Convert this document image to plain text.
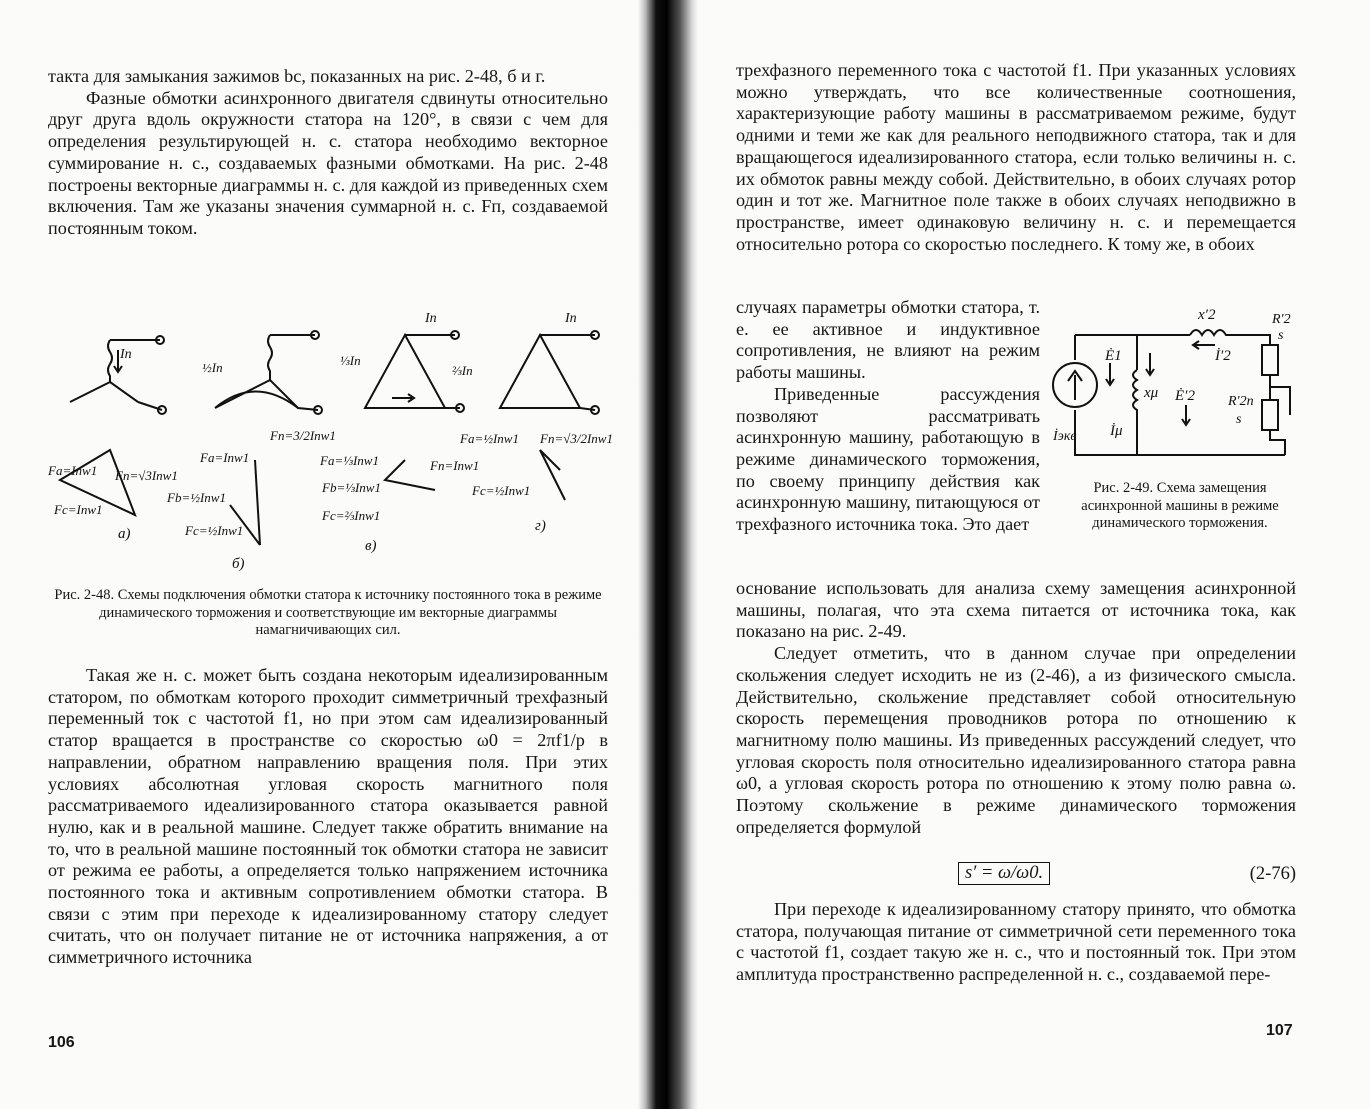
такта для замыкания зажимов bc, показанных на рис. 2-48, б и г.

Фазные обмотки асинхронного двигателя сдвинуты относительно друг друга вдоль окружности статора на 120°, в связи с чем для определения результирующей н. с. статора необходимо векторное суммирование н. с., создаваемых фазными обмотками. На рис. 2-48 построены векторные диаграммы н. с. для каждой из приведенных схем включения. Там же указаны значения суммарной н. с. Fп, создаваемой постоянным током.

Iп
Iп	Iп
½Iп	⅓Iп
⅔Iп
Fa=Iпw1 Fп=√3Iпw1
Fc=Iпw1
Fп=3/2Iпw1
Fa=Iпw1
Fb=½Iпw1
Fc=½Iпw1
Fa=⅓Iпw1	Fп=Iпw1
Fb=⅓Iпw1
Fc=⅔Iпw1
Fa=½Iпw1 Fп=√3/2Iпw1
Fc=½Iпw1
а)
б)
в)
г)
Рис. 2-48. Схемы подключения обмотки статора к источнику постоянного тока в режиме динамического торможения и соответствующие им векторные диаграммы намагничивающих сил.

Такая же н. с. может быть создана некоторым идеализированным статором, по обмоткам которого проходит симметричный трехфазный переменный ток с частотой f1, но при этом сам идеализированный статор вращается в пространстве со скоростью ω0 = 2πf1/p в направлении, обратном направлению вращения поля. При этих условиях абсолютная угловая скорость магнитного поля рассматриваемого идеализированного статора оказывается равной нулю, как и в реальной машине. Следует также обратить внимание на то, что в реальной машине постоянный ток обмотки статора не зависит от режима ее работы, а определяется только напряжением источника постоянного тока и активным сопротивлением обмотки статора. В связи с этим при переходе к идеализированному статору следует считать, что он получает питание не от источника напряжения, а от симметричного источника

106

трехфазного переменного тока с частотой f1. При указанных условиях можно утверждать, что все количественные соотношения, характеризующие работу машины в рассматриваемом режиме, будут одними и теми же как для реального неподвижного статора, так и для вращающегося идеализированного статора, если только величины н. с. их обмоток равны между собой. Действительно, в обоих случаях ротор один и тот же. Магнитное поле также в обоих случаях неподвижно в пространстве, имеет одинаковую величину н. с. и перемещается относительно ротора со скоростью последнего. К тому же, в обоих

случаях параметры обмотки статора, т. е. ее активное и индуктивное сопротивления, не влияют на режим работы машины.

Приведенные рассуждения позволяют рассматривать асинхронную машину, работающую в режиме динамического торможения, по своему принципу действия как асинхронную машину, питающуюся от трехфазного источника тока. Это дает

x′2	R′2
s
R′2п
s
Ė1	İ′2
xμ Ė′2
İэкв İμ
Рис. 2-49. Схема замещения асинхронной машины в режиме динамического торможения.

основание использовать для анализа схему замещения асинхронной машины, полагая, что эта схема питается от источника тока, как показано на рис. 2-49.

Следует отметить, что в данном случае при определении скольжения следует исходить не из (2-46), а из физического смысла. Действительно, скольжение представляет собой относительную скорость перемещения проводников ротора по отношению к магнитному полю машины. Из приведенных рассуждений следует, что угловая скорость поля относительно идеализированного статора равна ω0, а угловая скорость ротора по отношению к этому полю равна ω. Поэтому скольжение в режиме динамического торможения определяется формулой

s′ = ω/ω0.	(2-76)

При переходе к идеализированному статору принято, что обмотка статора, получающая питание от симметричной сети переменного тока с частотой f1, создает такую же н. с., что и постоянный ток. При этом амплитуда пространственно распределенной н. с., создаваемой пере-

107
